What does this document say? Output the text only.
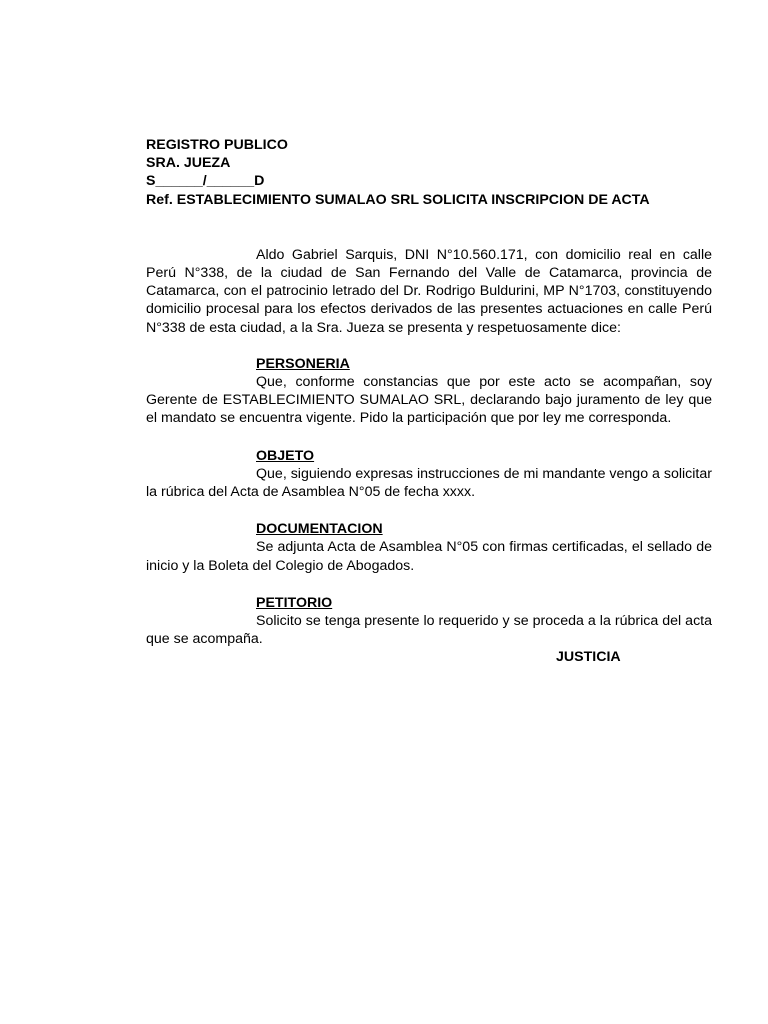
REGISTRO PUBLICO

SRA. JUEZA

S______/______D

Ref. ESTABLECIMIENTO SUMALAO SRL SOLICITA INSCRIPCION DE ACTA

Aldo Gabriel Sarquis, DNI N°10.560.171, con domicilio real en calle Perú N°338, de la ciudad de San Fernando del Valle de Catamarca, provincia de Catamarca, con el patrocinio letrado del Dr. Rodrigo Buldurini, MP N°1703, constituyendo domicilio procesal para los efectos derivados de las presentes actuaciones en calle Perú N°338 de esta ciudad, a la Sra. Jueza se presenta y respetuosamente dice:

PERSONERIA

Que, conforme constancias que por este acto se acompañan, soy Gerente de ESTABLECIMIENTO SUMALAO SRL, declarando bajo juramento de ley que el mandato se encuentra vigente. Pido la participación que por ley me corresponda.

OBJETO

Que, siguiendo expresas instrucciones de mi mandante vengo a solicitar la rúbrica del Acta de Asamblea N°05 de fecha xxxx.

DOCUMENTACION

Se adjunta Acta de Asamblea N°05 con firmas certificadas, el sellado de inicio y la Boleta del Colegio de Abogados.

PETITORIO

Solicito se tenga presente lo requerido y se proceda a la rúbrica del acta que se acompaña.

JUSTICIA
